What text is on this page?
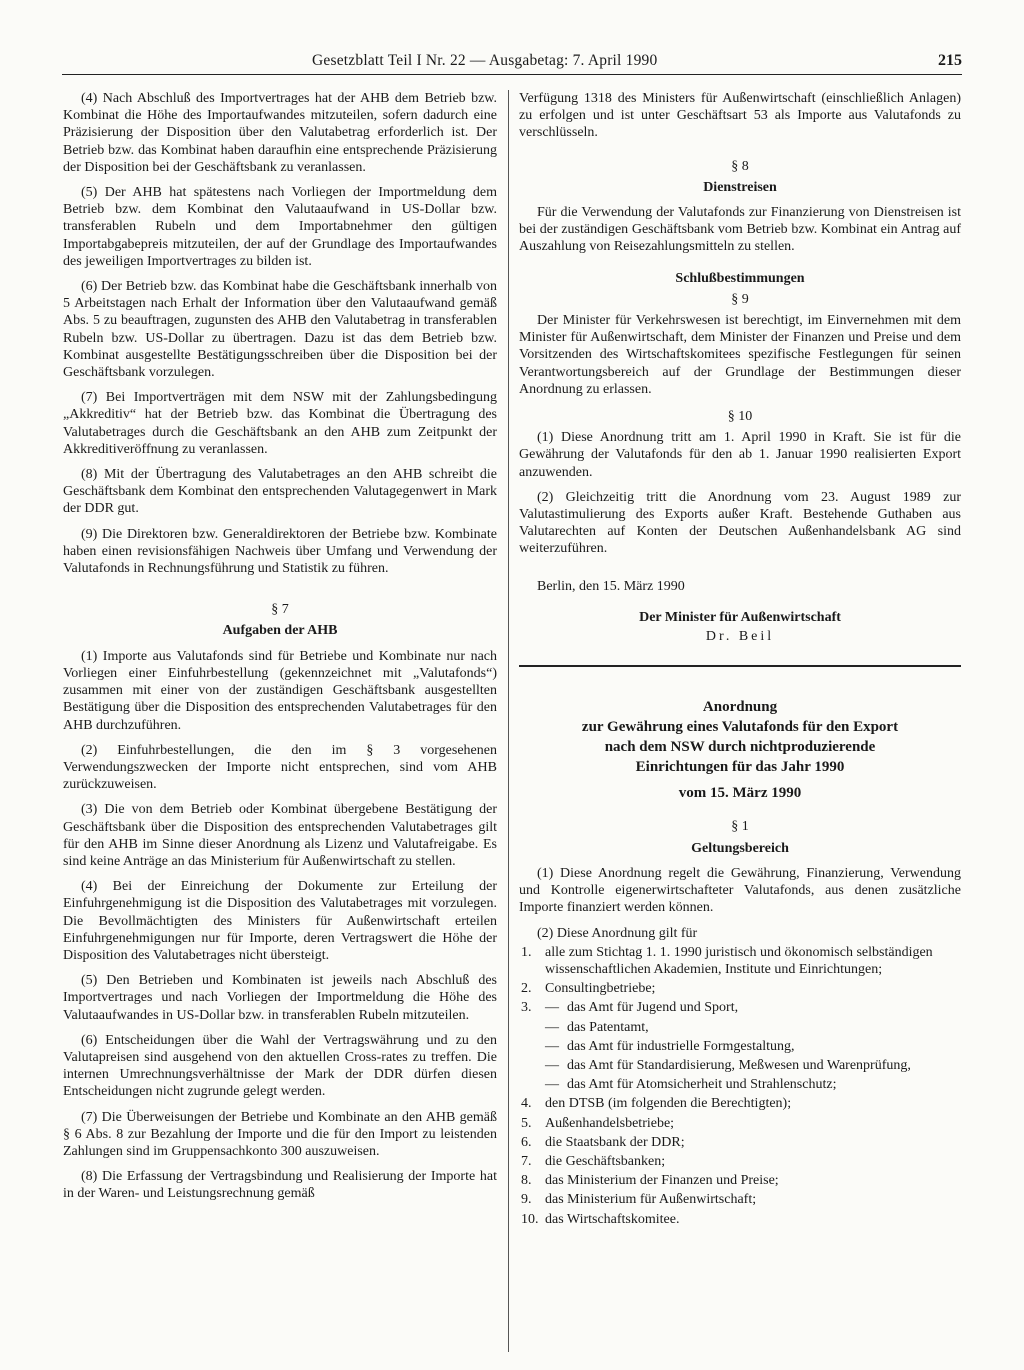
Gesetzblatt Teil I Nr. 22 — Ausgabetag: 7. April 1990	215

(4) Nach Abschluß des Importvertrages hat der AHB dem Betrieb bzw. Kombinat die Höhe des Importaufwandes mitzuteilen, sofern dadurch eine Präzisierung der Disposition über den Valutabetrag erforderlich ist. Der Betrieb bzw. das Kombinat haben daraufhin eine entsprechende Präzisierung der Disposition bei der Geschäftsbank zu veranlassen.

(5) Der AHB hat spätestens nach Vorliegen der Importmeldung dem Betrieb bzw. dem Kombinat den Valutaaufwand in US-Dollar bzw. transferablen Rubeln und dem Importabnehmer den gültigen Importabgabepreis mitzuteilen, der auf der Grundlage des Importaufwandes des jeweiligen Importvertrages zu bilden ist.

(6) Der Betrieb bzw. das Kombinat habe die Geschäftsbank innerhalb von 5 Arbeitstagen nach Erhalt der Information über den Valutaaufwand gemäß Abs. 5 zu beauftragen, zugunsten des AHB den Valutabetrag in transferablen Rubeln bzw. US-Dollar zu übertragen. Dazu ist das dem Betrieb bzw. Kombinat ausgestellte Bestätigungsschreiben über die Disposition bei der Geschäftsbank vorzulegen.

(7) Bei Importverträgen mit dem NSW mit der Zahlungsbedingung „Akkreditiv“ hat der Betrieb bzw. das Kombinat die Übertragung des Valutabetrages durch die Geschäftsbank an den AHB zum Zeitpunkt der Akkreditiveröffnung zu veranlassen.

(8) Mit der Übertragung des Valutabetrages an den AHB schreibt die Geschäftsbank dem Kombinat den entsprechenden Valutagegenwert in Mark der DDR gut.

(9) Die Direktoren bzw. Generaldirektoren der Betriebe bzw. Kombinate haben einen revisionsfähigen Nachweis über Umfang und Verwendung der Valutafonds in Rechnungsführung und Statistik zu führen.

§ 7
Aufgaben der AHB

(1) Importe aus Valutafonds sind für Betriebe und Kombinate nur nach Vorliegen einer Einfuhrbestellung (gekennzeichnet mit „Valutafonds“) zusammen mit einer von der zuständigen Geschäftsbank ausgestellten Bestätigung über die Disposition des entsprechenden Valutabetrages für den AHB durchzuführen.

(2) Einfuhrbestellungen, die den im § 3 vorgesehenen Verwendungszwecken der Importe nicht entsprechen, sind vom AHB zurückzuweisen.

(3) Die von dem Betrieb oder Kombinat übergebene Bestätigung der Geschäftsbank über die Disposition des entsprechenden Valutabetrages gilt für den AHB im Sinne dieser Anordnung als Lizenz und Valutafreigabe. Es sind keine Anträge an das Ministerium für Außenwirtschaft zu stellen.

(4) Bei der Einreichung der Dokumente zur Erteilung der Einfuhrgenehmigung ist die Disposition des Valutabetrages mit vorzulegen. Die Bevollmächtigten des Ministers für Außenwirtschaft erteilen Einfuhrgenehmigungen nur für Importe, deren Vertragswert die Höhe der Disposition des Valutabetrages nicht übersteigt.

(5) Den Betrieben und Kombinaten ist jeweils nach Abschluß des Importvertrages und nach Vorliegen der Importmeldung die Höhe des Valutaaufwandes in US-Dollar bzw. in transferablen Rubeln mitzuteilen.

(6) Entscheidungen über die Wahl der Vertragswährung und zu den Valutapreisen sind ausgehend von den aktuellen Cross-rates zu treffen. Die internen Umrechnungsverhältnisse der Mark der DDR dürfen diesen Entscheidungen nicht zugrunde gelegt werden.

(7) Die Überweisungen der Betriebe und Kombinate an den AHB gemäß § 6 Abs. 8 zur Bezahlung der Importe und die für den Import zu leistenden Zahlungen sind im Gruppensachkonto 300 auszuweisen.

(8) Die Erfassung der Vertragsbindung und Realisierung der Importe hat in der Waren- und Leistungsrechnung gemäß

Verfügung 1318 des Ministers für Außenwirtschaft (einschließlich Anlagen) zu erfolgen und ist unter Geschäftsart 53 als Importe aus Valutafonds zu verschlüsseln.

§ 8
Dienstreisen

Für die Verwendung der Valutafonds zur Finanzierung von Dienstreisen ist bei der zuständigen Geschäftsbank vom Betrieb bzw. Kombinat ein Antrag auf Auszahlung von Reisezahlungsmitteln zu stellen.

Schlußbestimmungen
§ 9

Der Minister für Verkehrswesen ist berechtigt, im Einvernehmen mit dem Minister für Außenwirtschaft, dem Minister der Finanzen und Preise und dem Vorsitzenden des Wirtschaftskomitees spezifische Festlegungen für seinen Verantwortungsbereich auf der Grundlage der Bestimmungen dieser Anordnung zu erlassen.

§ 10

(1) Diese Anordnung tritt am 1. April 1990 in Kraft. Sie ist für die Gewährung der Valutafonds für den ab 1. Januar 1990 realisierten Export anzuwenden.

(2) Gleichzeitig tritt die Anordnung vom 23. August 1989 zur Valutastimulierung des Exports außer Kraft. Bestehende Guthaben aus Valutarechten auf Konten der Deutschen Außenhandelsbank AG sind weiterzuführen.

Berlin, den 15. März 1990
Der Minister für Außenwirtschaft
Dr. Beil
Anordnung
zur Gewährung eines Valutafonds für den Export
nach dem NSW durch nichtproduzierende
Einrichtungen für das Jahr 1990
vom 15. März 1990
§ 1
Geltungsbereich

(1) Diese Anordnung regelt die Gewährung, Finanzierung, Verwendung und Kontrolle eigenerwirtschafteter Valutafonds, aus denen zusätzliche Importe finanziert werden können.

(2) Diese Anordnung gilt für

1. alle zum Stichtag 1. 1. 1990 juristisch und ökonomisch selbständigen wissenschaftlichen Akademien, Institute und Einrichtungen;
2. Consultingbetriebe;
3. — das Amt für Jugend und Sport,
— das Patentamt,
— das Amt für industrielle Formgestaltung,
— das Amt für Standardisierung, Meßwesen und Warenprüfung,
— das Amt für Atomsicherheit und Strahlenschutz;
4. den DTSB (im folgenden die Berechtigten);
5. Außenhandelsbetriebe;
6. die Staatsbank der DDR;
7. die Geschäftsbanken;
8. das Ministerium der Finanzen und Preise;
9. das Ministerium für Außenwirtschaft;
10. das Wirtschaftskomitee.
